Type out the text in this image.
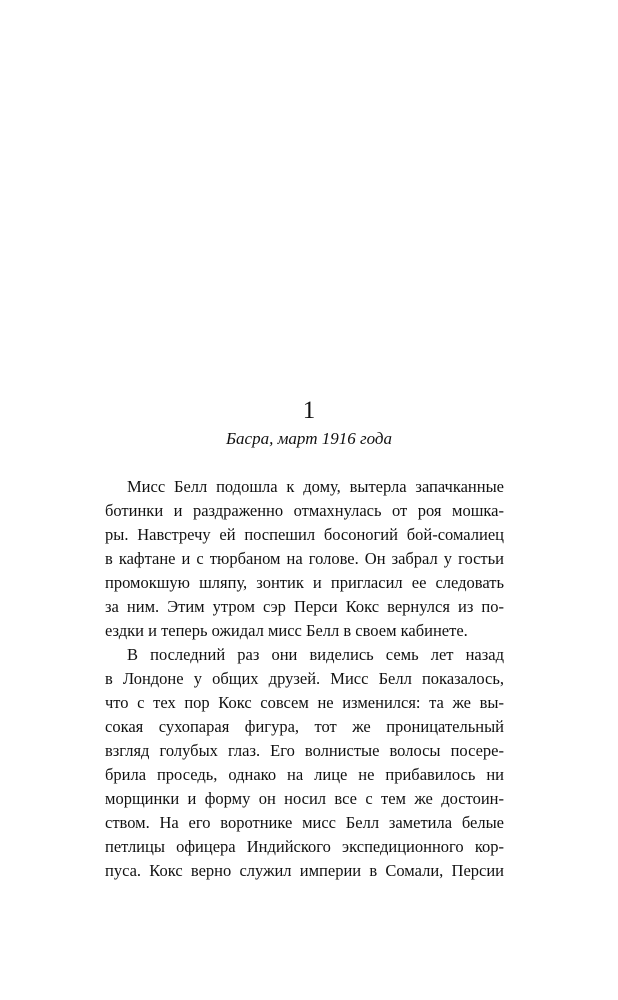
1
Басра, март 1916 года
Мисс Белл подошла к дому, вытерла запачканные
ботинки и раздраженно отмахнулась от роя мошка-
ры. Навстречу ей поспешил босоногий бой-сомалиец
в кафтане и с тюрбаном на голове. Он забрал у гостьи
промокшую шляпу, зонтик и пригласил ее следовать
за ним. Этим утром сэр Перси Кокс вернулся из по-
ездки и теперь ожидал мисс Белл в своем кабинете.
В последний раз они виделись семь лет назад
в Лондоне у общих друзей. Мисс Белл показалось,
что с тех пор Кокс совсем не изменился: та же вы-
сокая сухопарая фигура, тот же проницательный
взгляд голубых глаз. Его волнистые волосы посере-
брила проседь, однако на лице не прибавилось ни
морщинки и форму он носил все с тем же достоин-
ством. На его воротнике мисс Белл заметила белые
петлицы офицера Индийского экспедиционного кор-
пуса. Кокс верно служил империи в Сомали, Персии
